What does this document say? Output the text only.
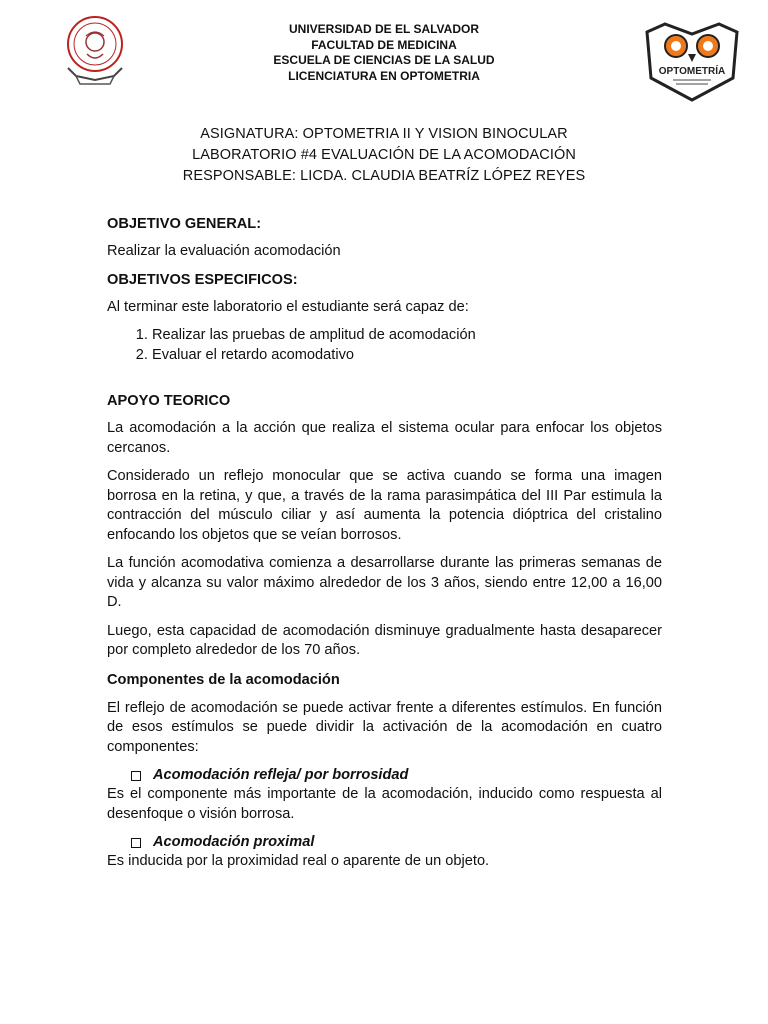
UNIVERSIDAD DE EL SALVADOR
FACULTAD DE MEDICINA
ESCUELA DE CIENCIAS DE LA SALUD
LICENCIATURA EN OPTOMETRIA	OPTOMETRÍA
ASIGNATURA: OPTOMETRIA II Y VISION BINOCULAR
LABORATORIO #4 EVALUACIÓN DE LA ACOMODACIÓN
RESPONSABLE: LICDA. CLAUDIA BEATRÍZ LÓPEZ REYES
OBJETIVO GENERAL:

Realizar la evaluación acomodación

OBJETIVOS ESPECIFICOS:

Al terminar este laboratorio el estudiante será capaz de:

1. Realizar las pruebas de amplitud de acomodación
2. Evaluar el retardo acomodativo
APOYO TEORICO

La acomodación a la acción que realiza el sistema ocular para enfocar los objetos cercanos.

Considerado un reflejo monocular que se activa cuando se forma una imagen borrosa en la retina, y que, a través de la rama parasimpática del III Par estimula la contracción del músculo ciliar y así aumenta la potencia dióptrica del cristalino enfocando los objetos que se veían borrosos.

La función acomodativa comienza a desarrollarse durante las primeras semanas de vida y alcanza su valor máximo alrededor de los 3 años, siendo entre 12,00 a 16,00 D.

Luego, esta capacidad de acomodación disminuye gradualmente hasta desaparecer por completo alrededor de los 70 años.

Componentes de la acomodación

El reflejo de acomodación se puede activar frente a diferentes estímulos. En función de esos estímulos se puede dividir la activación de la acomodación en cuatro componentes:

Acomodación refleja/ por borrosidad

Es el componente más importante de la acomodación, inducido como respuesta al desenfoque o visión borrosa.

Acomodación proximal

Es inducida por la proximidad real o aparente de un objeto.
